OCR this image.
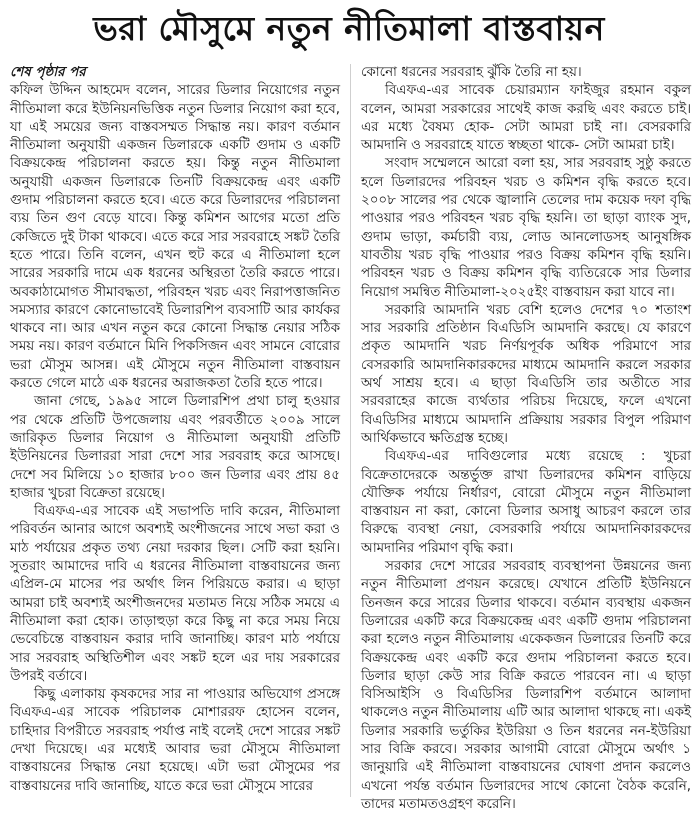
ভরা মৌসুমে নতুন নীতিমালা বাস্তবায়ন

শেষ পৃষ্ঠার পর

কফিল উদ্দিন আহমেদ বলেন, সারের ডিলার নিয়োগের নতুন নীতিমালা করে ইউনিয়নভিত্তিক নতুন ডিলার নিয়োগ করা হবে, যা এই সময়ের জন্য বাস্তবসম্মত সিদ্ধান্ত নয়। কারণ বর্তমান নীতিমালা অনুযায়ী একজন ডিলারকে একটি গুদাম ও একটি বিক্রয়কেন্দ্র পরিচালনা করতে হয়। কিন্তু নতুন নীতিমালা অনুযায়ী একজন ডিলারকে তিনটি বিক্রয়কেন্দ্র এবং একটি গুদাম পরিচালনা করতে হবে। এতে করে ডিলারদের পরিচালনা ব্যয় তিন গুণ বেড়ে যাবে। কিন্তু কমিশন আগের মতো প্রতি কেজিতে দুই টাকা থাকবে। এতে করে সার সরবরাহে সঙ্কট তৈরি হতে পারে। তিনি বলেন, এখন হুট করে এ নীতিমালা হলে সারের সরকারি দামে এক ধরনের অস্থিরতা তৈরি করতে পারে। অবকাঠামোগত সীমাবদ্ধতা, পরিবহন খরচ এবং নিরাপত্তাজনিত সমস্যার কারণে কোনোভাবেই ডিলারশিপ ব্যবসাটি আর কার্যকর থাকবে না। আর এখন নতুন করে কোনো সিদ্ধান্ত নেয়ার সঠিক সময় নয়। কারণ বর্তমানে মিনি পিকসিজন এবং সামনে বোরোর ভরা মৌসুম আসন্ন। এই মৌসুমে নতুন নীতিমালা বাস্তবায়ন করতে গেলে মাঠে এক ধরনের অরাজকতা তৈরি হতে পারে।

জানা গেছে, ১৯৯৫ সালে ডিলারশিপ প্রথা চালু হওয়ার পর থেকে প্রতিটি উপজেলায় এবং পরবর্তীতে ২০০৯ সালে জারিকৃত ডিলার নিয়োগ ও নীতিমালা অনুযায়ী প্রতিটি ইউনিয়নের ডিলাররা সারা দেশে সার সরবরাহ করে আসছে। দেশে সব মিলিয়ে ১০ হাজার ৮০০ জন ডিলার এবং প্রায় ৪৫ হাজার খুচরা বিক্রেতা রয়েছে।

বিএফএ-এর সাবেক এই সভাপতি দাবি করেন, নীতিমালা পরিবর্তন আনার আগে অবশ্যই অংশীজনের সাথে সভা করা ও মাঠ পর্যায়ের প্রকৃত তথ্য নেয়া দরকার ছিল। সেটি করা হয়নি। সুতরাং আমাদের দাবি এ ধরনের নীতিমালা বাস্তবায়নের জন্য এপ্রিল-মে মাসের পর অর্থাৎ লিন পিরিয়ডে করার। এ ছাড়া আমরা চাই অবশ্যই অংশীজনদের মতামত নিয়ে সঠিক সময়ে এ নীতিমালা করা হোক। তাড়াহুড়া করে কিছু না করে সময় নিয়ে ভেবেচিন্তে বাস্তবায়ন করার দাবি জানাচ্ছি। কারণ মাঠ পর্যায়ে সার সরবরাহ অস্থিতিশীল এবং সঙ্কট হলে এর দায় সরকারের উপরই বর্তাবে।

কিছু এলাকায় কৃষকদের সার না পাওয়ার অভিযোগ প্রসঙ্গে বিএফএ-এর সাবেক পরিচালক মোশাররফ হোসেন বলেন, চাহিদার বিপরীতে সরবরাহ পর্যাপ্ত নাই বলেই দেশে সারের সঙ্কট দেখা দিয়েছে। এর মধ্যেই আবার ভরা মৌসুমে নীতিমালা বাস্তবায়নের সিদ্ধান্ত নেয়া হয়েছে। এটা ভরা মৌসুমের পর বাস্তবায়নের দাবি জানাচ্ছি, যাতে করে ভরা মৌসুমে সারের

কোনো ধরনের সরবরাহ ঝুঁকি তৈরি না হয়।

বিএফএ-এর সাবেক চেয়ারম্যান ফাইজুর রহমান বকুল বলেন, আমরা সরকারের সাথেই কাজ করছি এবং করতে চাই। এর মধ্যে বৈষম্য হোক- সেটা আমরা চাই না। বেসরকারি আমদানি ও সরবরাহে যাতে স্বচ্ছতা থাকে- সেটা আমরা চাই।

সংবাদ সম্মেলনে আরো বলা হয়, সার সরবরাহ সুষ্ঠু করতে হলে ডিলারদের পরিবহন খরচ ও কমিশন বৃদ্ধি করতে হবে। ২০০৮ সালের পর থেকে জ্বালানি তেলের দাম কয়েক দফা বৃদ্ধি পাওয়ার পরও পরিবহন খরচ বৃদ্ধি হয়নি। তা ছাড়া ব্যাংক সুদ, গুদাম ভাড়া, কর্মচারী ব্যয়, লোড আনলোডসহ আনুষঙ্গিক যাবতীয় খরচ বৃদ্ধি পাওয়ার পরও বিক্রয় কমিশন বৃদ্ধি হয়নি। পরিবহন খরচ ও বিক্রয় কমিশন বৃদ্ধি ব্যতিরেকে সার ডিলার নিয়োগ সমন্বিত নীতিমালা-২০২৫ইং বাস্তবায়ন করা যাবে না।

সরকারি আমদানি খরচ বেশি হলেও দেশের ৭০ শতাংশ সার সরকারি প্রতিষ্ঠান বিএডিসি আমদানি করছে। যে কারণে প্রকৃত আমদানি খরচ নির্ণয়পূর্বক অধিক পরিমাণে সার বেসরকারি আমদানিকারকদের মাধ্যমে আমদানি করলে সরকার অর্থ সাশ্রয় হবে। এ ছাড়া বিএডিসি তার অতীতে সার সরবরাহের কাজে ব্যর্থতার পরিচয় দিয়েছে, ফলে এখনো বিএডিসির মাধ্যমে আমদানি প্রক্রিয়ায় সরকার বিপুল পরিমাণ আর্থিকভাবে ক্ষতিগ্রস্ত হচ্ছে।

বিএফএ-এর দাবিগুলোর মধ্যে রয়েছে : খুচরা বিক্রেতাদেরকে অন্তর্ভুক্ত রাখা ডিলারদের কমিশন বাড়িয়ে যৌক্তিক পর্যায়ে নির্ধারণ, বোরো মৌসুমে নতুন নীতিমালা বাস্তবায়ন না করা, কোনো ডিলার অসাধু আচরণ করলে তার বিরুদ্ধে ব্যবস্থা নেয়া, বেসরকারি পর্যায়ে আমদানিকারকদের আমদানির পরিমাণ বৃদ্ধি করা।

সরকার দেশে সারের সরবরাহ ব্যবস্থাপনা উন্নয়নের জন্য নতুন নীতিমালা প্রণয়ন করেছে। যেখানে প্রতিটি ইউনিয়নে তিনজন করে সারের ডিলার থাকবে। বর্তমান ব্যবস্থায় একজন ডিলারের একটি করে বিক্রয়কেন্দ্র এবং একটি গুদাম পরিচালনা করা হলেও নতুন নীতিমালায় একেকজন ডিলারের তিনটি করে বিক্রয়কেন্দ্র এবং একটি করে গুদাম পরিচালনা করতে হবে। ডিলার ছাড়া কেউ সার বিক্রি করতে পারবেন না। এ ছাড়া বিসিআইসি ও বিএডিসির ডিলারশিপ বর্তমানে আলাদা থাকলেও নতুন নীতিমালায় এটি আর আলাদা থাকছে না। একই ডিলার সরকারি ভর্তুকির ইউরিয়া ও তিন ধরনের নন-ইউরিয়া সার বিক্রি করবে। সরকার আগামী বোরো মৌসুমে অর্থাৎ ১ জানুয়ারি এই নীতিমালা বাস্তবায়নের ঘোষণা প্রদান করলেও এখনো পর্যন্ত বর্তমান ডিলারদের সাথে কোনো বৈঠক করেনি, তাদের মতামতওগ্রহণ করেনি।
